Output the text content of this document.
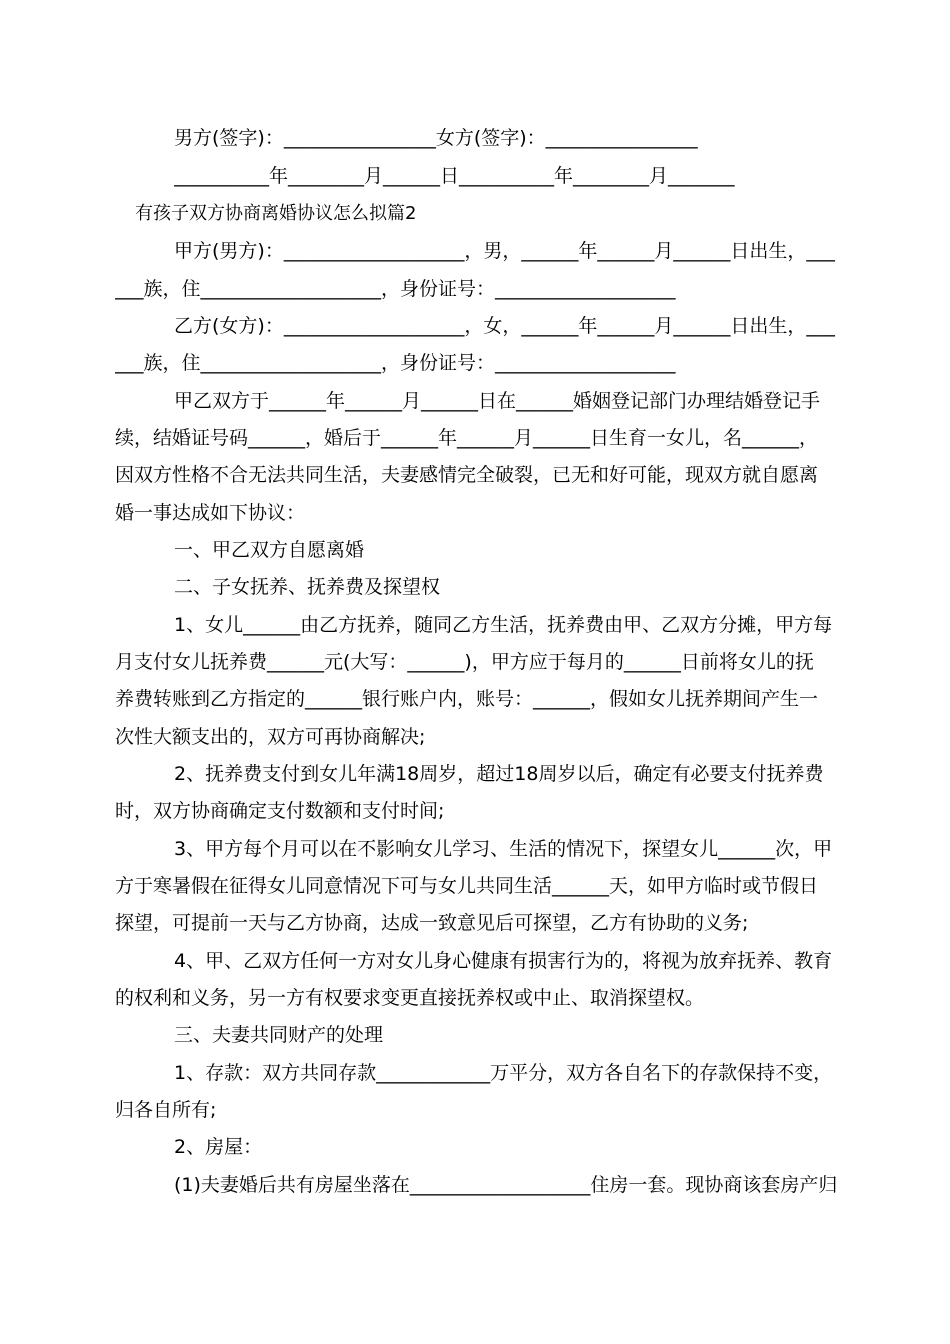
男方(签字)：________________女方(签字)：________________
__________年________月______日__________年________月_______
有孩子双方协商离婚协议怎么拟篇2
甲方(男方)：___________________，男，______年______月______日出生，___
___族，住___________________，身份证号：___________________
乙方(女方)：___________________，女，______年______月______日出生，___
___族，住___________________，身份证号：___________________
甲乙双方于______年______月______日在______婚姻登记部门办理结婚登记手
续，结婚证号码______，婚后于______年______月______日生育一女儿，名______，
因双方性格不合无法共同生活，夫妻感情完全破裂，已无和好可能，现双方就自愿离
婚一事达成如下协议：
一、甲乙双方自愿离婚
二、子女抚养、抚养费及探望权
1、女儿______由乙方抚养，随同乙方生活，抚养费由甲、乙双方分摊，甲方每
月支付女儿抚养费______元(大写：______)，甲方应于每月的______日前将女儿的抚
养费转账到乙方指定的______银行账户内，账号：______，假如女儿抚养期间产生一
次性大额支出的，双方可再协商解决;
2、抚养费支付到女儿年满18周岁，超过18周岁以后，确定有必要支付抚养费
时，双方协商确定支付数额和支付时间;
3、甲方每个月可以在不影响女儿学习、生活的情况下，探望女儿______次，甲
方于寒暑假在征得女儿同意情况下可与女儿共同生活______天，如甲方临时或节假日
探望，可提前一天与乙方协商，达成一致意见后可探望，乙方有协助的义务;
4、甲、乙双方任何一方对女儿身心健康有损害行为的，将视为放弃抚养、教育
的权利和义务，另一方有权要求变更直接抚养权或中止、取消探望权。
三、夫妻共同财产的处理
1、存款：双方共同存款____________万平分，双方各自名下的存款保持不变，
归各自所有;
2、房屋：
(1)夫妻婚后共有房屋坐落在___________________住房一套。现协商该套房产归
